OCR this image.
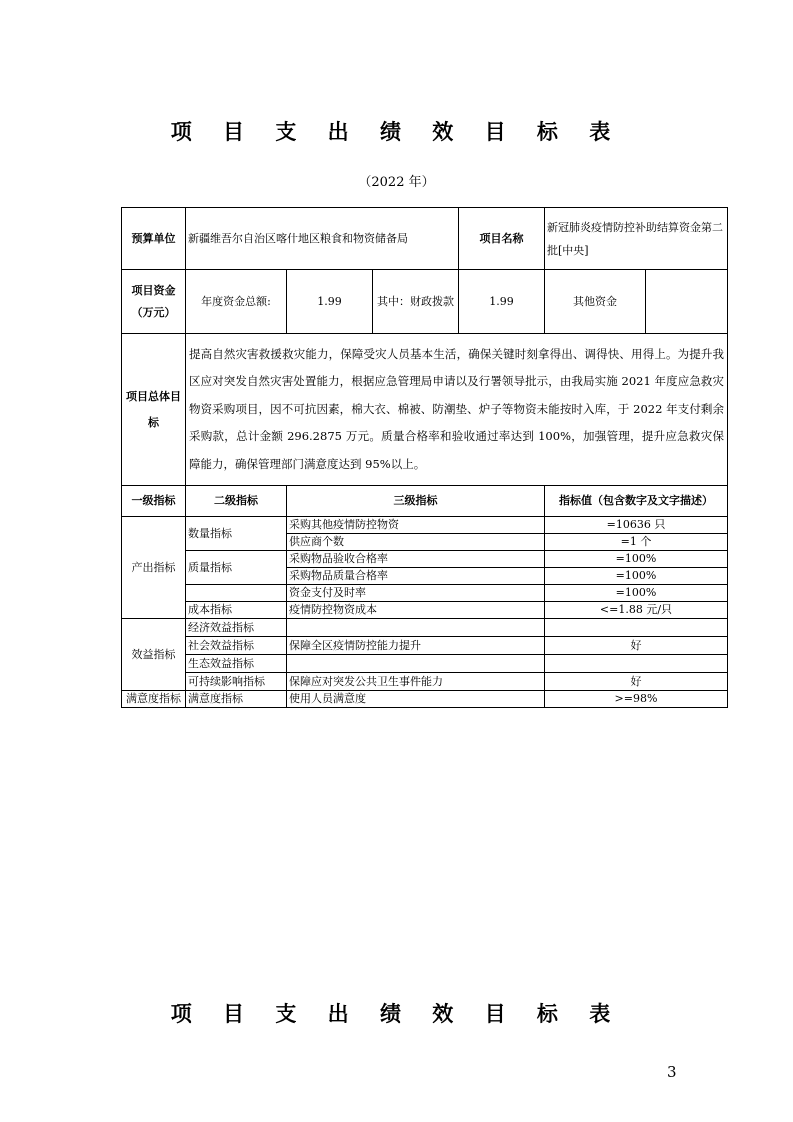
项 目 支 出 绩 效 目 标 表
（2022 年）
预算单位	新疆维吾尔自治区喀什地区粮食和物资储备局			项目名称	新冠肺炎疫情防控补助结算资金第二批[中央]	

项目资金
（万元）	年度资金总额:	1.99	其中：财政拨款	1.99	其他资金	
项目总体目标	提高自然灾害救援救灾能力，保障受灾人员基本生活，确保关键时刻拿得出、调得快、用得上。为提升我区应对突发自然灾害处置能力，根据应急管理局申请以及行署领导批示，由我局实施 2021 年度应急救灾物资采购项目，因不可抗因素，棉大衣、棉被、防潮垫、炉子等物资未能按时入库，于 2022 年支付剩余采购款，总计金额 296.2875 万元。质量合格率和验收通过率达到 100%，加强管理，提升应急救灾保障能力，确保管理部门满意度达到 95%以上。					
一级指标	二级指标	三级指标			指标值（包含数字及文字描述）	
产出指标	数量指标	采购其他疫情防控物资			=10636 只	
		供应商个数			=1 个	
	质量指标	采购物品验收合格率			=100%	
		采购物品质量合格率			=100%	
		资金支付及时率			=100%	
	成本指标	疫情防控物资成本			<=1.88 元/只	
效益指标	经济效益指标					
	社会效益指标	保障全区疫情防控能力提升			好	
	生态效益指标					
	可持续影响指标	保障应对突发公共卫生事件能力			好	
满意度指标	满意度指标	使用人员满意度			>=98%	
项 目 支 出 绩 效 目 标 表
3
